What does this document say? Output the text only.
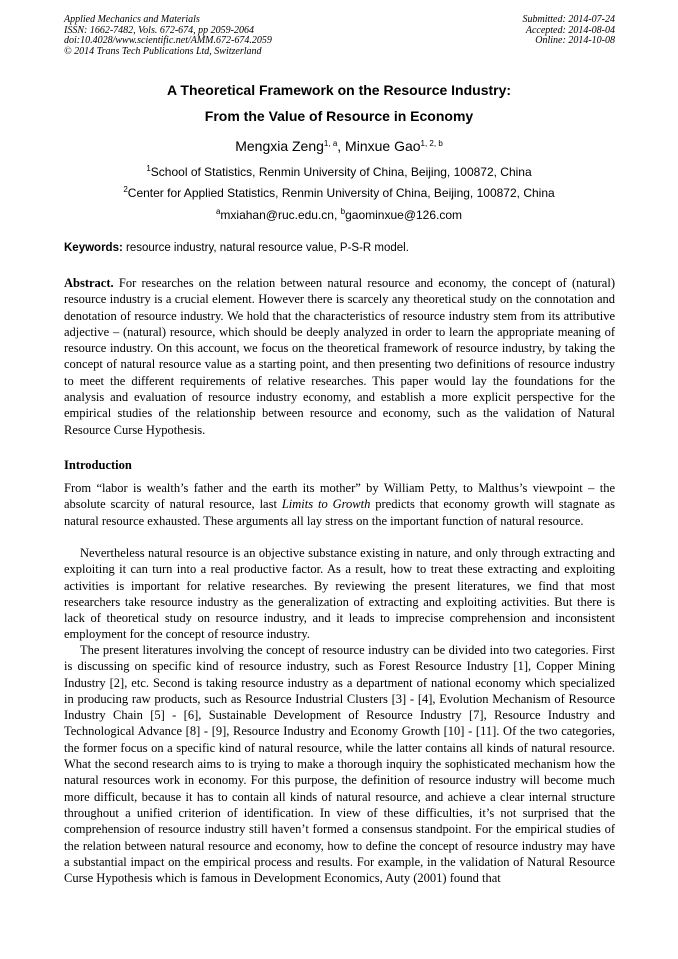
Applied Mechanics and Materials
ISSN: 1662-7482, Vols. 672-674, pp 2059-2064
doi:10.4028/www.scientific.net/AMM.672-674.2059
© 2014 Trans Tech Publications Ltd, Switzerland
Submitted: 2014-07-24
Accepted: 2014-08-04
Online: 2014-10-08
A Theoretical Framework on the Resource Industry:
From the Value of Resource in Economy
Mengxia Zeng$^{1, a}$, Minxue Gao$^{1, 2, b}$
$^1$School of Statistics, Renmin University of China, Beijing, 100872, China
$^2$Center for Applied Statistics, Renmin University of China, Beijing, 100872, China
$^a$mxiahan@ruc.edu.cn, $^b$gaominxue@126.com
Keywords: resource industry, natural resource value, P-S-R model.
Abstract. For researches on the relation between natural resource and economy, the concept of (natural) resource industry is a crucial element. However there is scarcely any theoretical study on the connotation and denotation of resource industry. We hold that the characteristics of resource industry stem from its attributive adjective – (natural) resource, which should be deeply analyzed in order to learn the appropriate meaning of resource industry. On this account, we focus on the theoretical framework of resource industry, by taking the concept of natural resource value as a starting point, and then presenting two definitions of resource industry to meet the different requirements of relative researches. This paper would lay the foundations for the analysis and evaluation of resource industry economy, and establish a more explicit perspective for the empirical studies of the relationship between resource and economy, such as the validation of Natural Resource Curse Hypothesis.
Introduction
From “labor is wealth’s father and the earth its mother” by William Petty, to Malthus’s viewpoint – the absolute scarcity of natural resource, last Limits to Growth predicts that economy growth will stagnate as natural resource exhausted. These arguments all lay stress on the important function of natural resource.
Nevertheless natural resource is an objective substance existing in nature, and only through extracting and exploiting it can turn into a real productive factor. As a result, how to treat these extracting and exploiting activities is important for relative researches. By reviewing the present literatures, we find that most researchers take resource industry as the generalization of extracting and exploiting activities. But there is lack of theoretical study on resource industry, and it leads to imprecise comprehension and inconsistent employment for the concept of resource industry.
The present literatures involving the concept of resource industry can be divided into two categories. First is discussing on specific kind of resource industry, such as Forest Resource Industry [1], Copper Mining Industry [2], etc. Second is taking resource industry as a department of national economy which specialized in producing raw products, such as Resource Industrial Clusters [3] - [4], Evolution Mechanism of Resource Industry Chain [5] - [6], Sustainable Development of Resource Industry [7], Resource Industry and Technological Advance [8] - [9], Resource Industry and Economy Growth [10] - [11]. Of the two categories, the former focus on a specific kind of natural resource, while the latter contains all kinds of natural resource. What the second research aims to is trying to make a thorough inquiry the sophisticated mechanism how the natural resources work in economy. For this purpose, the definition of resource industry will become much more difficult, because it has to contain all kinds of natural resource, and achieve a clear internal structure throughout a unified criterion of identification. In view of these difficulties, it’s not surprised that the comprehension of resource industry still haven’t formed a consensus standpoint. For the empirical studies of the relation between natural resource and economy, how to define the concept of resource industry may have a substantial impact on the empirical process and results. For example, in the validation of Natural Resource Curse Hypothesis which is famous in Development Economics, Auty (2001) found that
